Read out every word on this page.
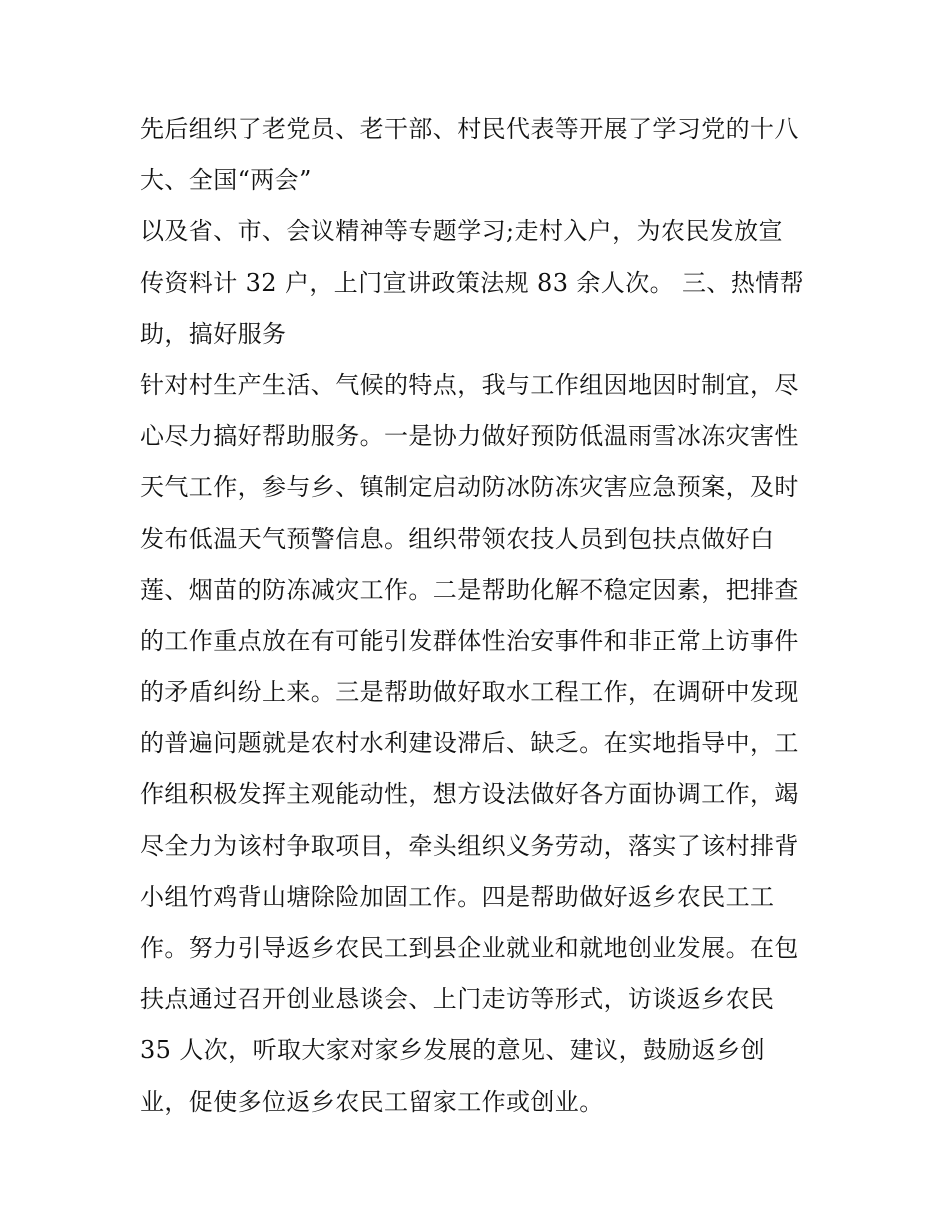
先后组织了老党员、老干部、村民代表等开展了学习党的十八
大、全国“两会”
以及省、市、会议精神等专题学习;走村入户，为农民发放宣
传资料计 32 户，上门宣讲政策法规 83 余人次。 三、热情帮
助，搞好服务
针对村生产生活、气候的特点，我与工作组因地因时制宜，尽
心尽力搞好帮助服务。一是协力做好预防低温雨雪冰冻灾害性
天气工作，参与乡、镇制定启动防冰防冻灾害应急预案，及时
发布低温天气预警信息。组织带领农技人员到包扶点做好白
莲、烟苗的防冻减灾工作。二是帮助化解不稳定因素，把排查
的工作重点放在有可能引发群体性治安事件和非正常上访事件
的矛盾纠纷上来。三是帮助做好取水工程工作，在调研中发现
的普遍问题就是农村水利建设滞后、缺乏。在实地指导中，工
作组积极发挥主观能动性，想方设法做好各方面协调工作，竭
尽全力为该村争取项目，牵头组织义务劳动，落实了该村排背
小组竹鸡背山塘除险加固工作。四是帮助做好返乡农民工工
作。努力引导返乡农民工到县企业就业和就地创业发展。在包
扶点通过召开创业恳谈会、上门走访等形式，访谈返乡农民
35 人次，听取大家对家乡发展的意见、建议，鼓励返乡创
业，促使多位返乡农民工留家工作或创业。
